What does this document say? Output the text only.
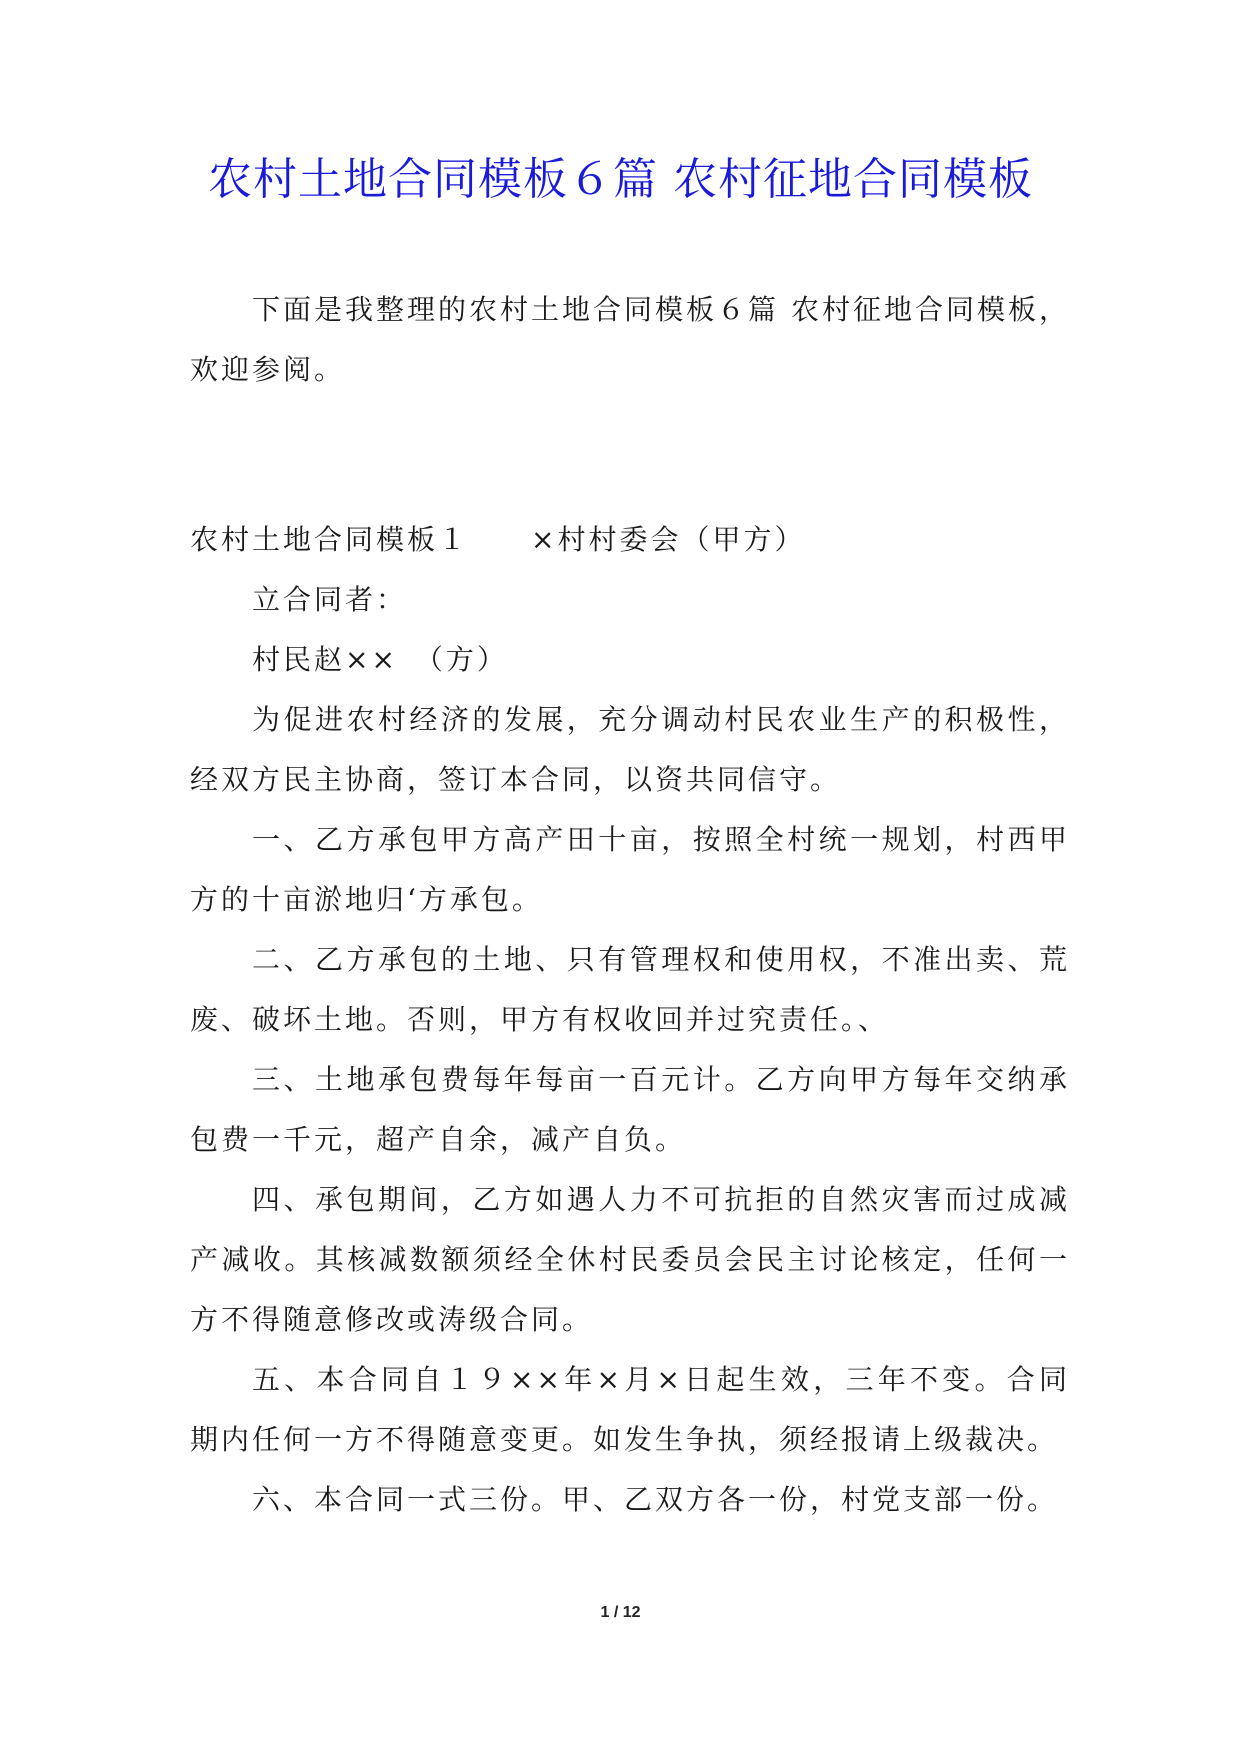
农村土地合同模板６篇 农村征地合同模板

下面是我整理的农村土地合同模板６篇 农村征地合同模板，欢迎参阅。

农村土地合同模板１　　×村村委会（甲方）

立合同者：

村民赵××　（方）

为促进农村经济的发展，充分调动村民农业生产的积极性，经双方民主协商，签订本合同，以资共同信守。

一、乙方承包甲方高产田十亩，按照全村统一规划，村西甲方的十亩淤地归‘方承包。

二、乙方承包的土地、只有管理权和使用权，不准出卖、荒废、破坏土地。否则，甲方有权收回并过究责任。、

三、土地承包费每年每亩一百元计。乙方向甲方每年交纳承包费一千元，超产自余，减产自负。

四、承包期间，乙方如遇人力不可抗拒的自然灾害而过成减产减收。其核减数额须经全休村民委员会民主讨论核定，任何一方不得随意修改或涛级合同。

五、本合同自１９××年×月×日起生效，三年不变。合同期内任何一方不得随意变更。如发生争执，须经报请上级裁决。

六、本合同一式三份。甲、乙双方各一份，村党支部一份。

1 / 12
